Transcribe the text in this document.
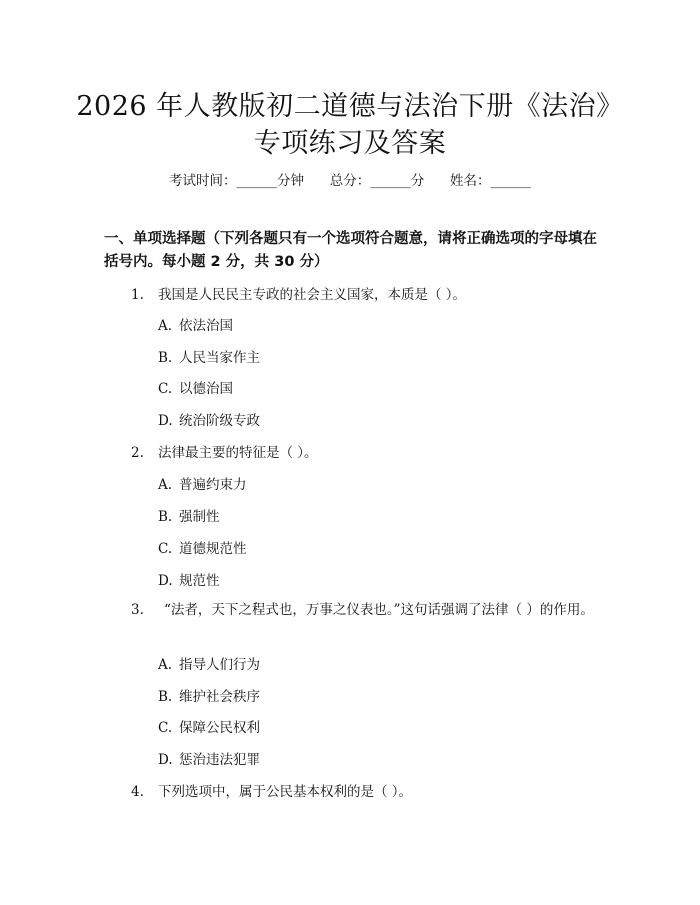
2026 年人教版初二道德与法治下册《法治》
专项练习及答案
考试时间：______分钟 总分：______分 姓名：______
一、单项选择题（下列各题只有一个选项符合题意，请将正确选项的字母填在括号内。每小题 2 分，共 30 分）
1. 我国是人民民主专政的社会主义国家，本质是（ ）。
A. 依法治国
B. 人民当家作主
C. 以德治国
D. 统治阶级专政
2. 法律最主要的特征是（ ）。
A. 普遍约束力
B. 强制性
C. 道德规范性
D. 规范性
3. “法者，天下之程式也，万事之仪表也。”这句话强调了法律（ ）的作用。
A. 指导人们行为
B. 维护社会秩序
C. 保障公民权利
D. 惩治违法犯罪
4. 下列选项中，属于公民基本权利的是（ ）。
